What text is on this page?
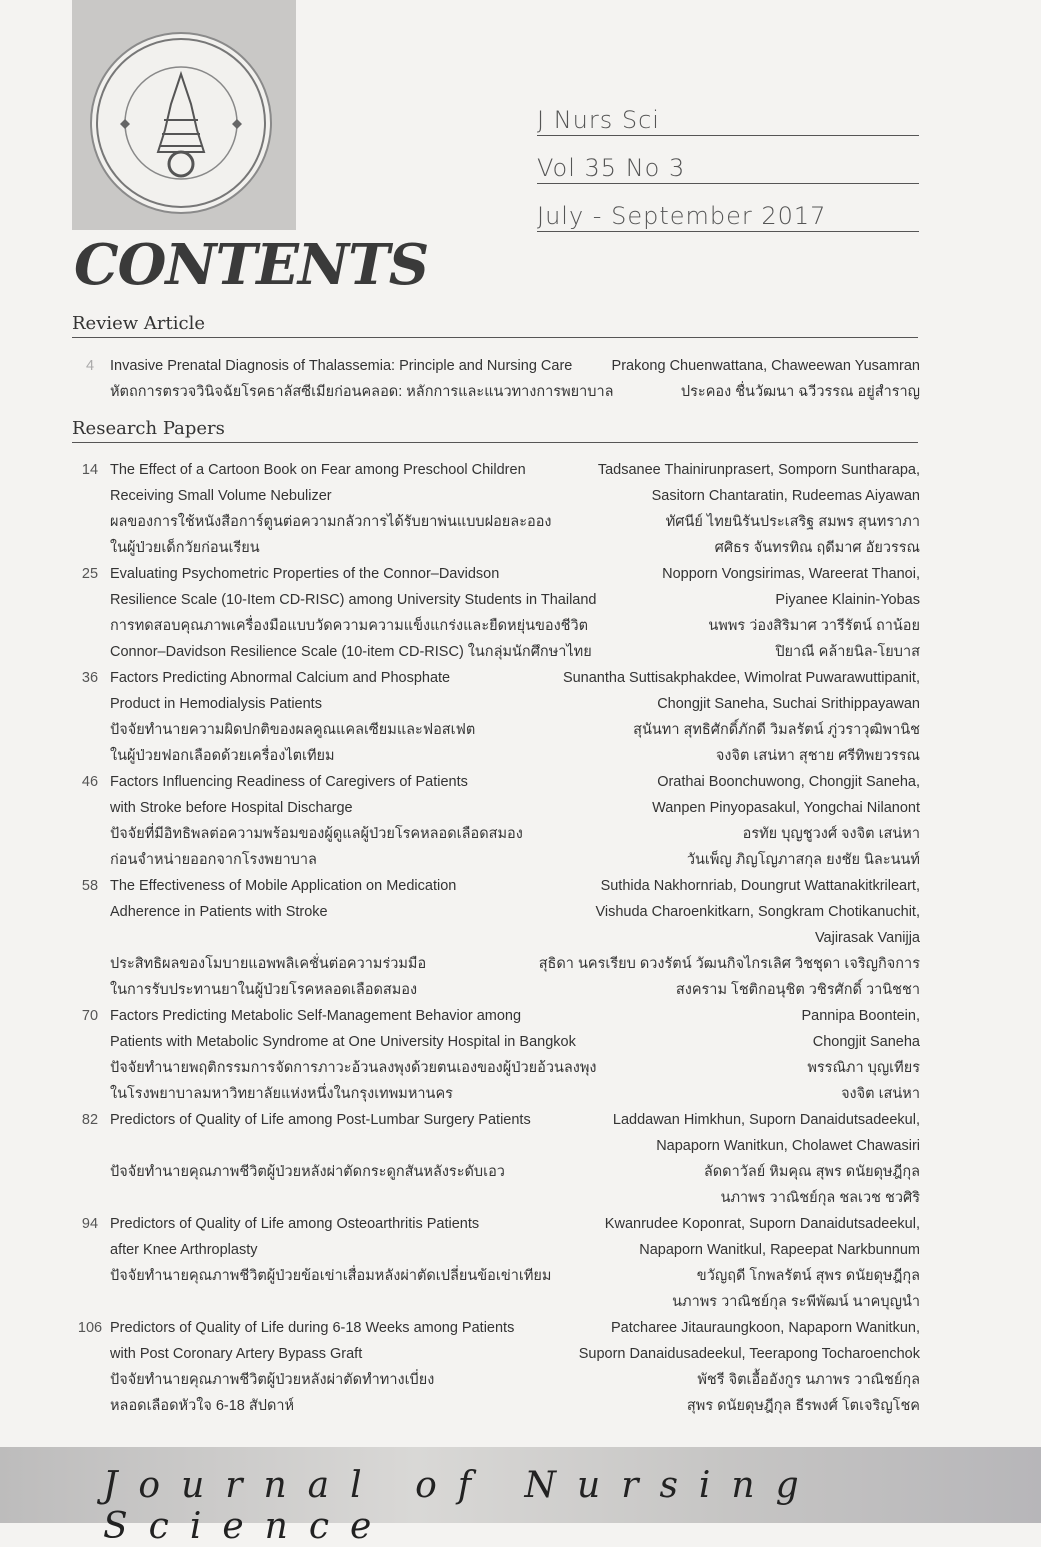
J Nurs Sci
Vol 35 No 3
July - September 2017
CONTENTS
Review Article
4	Invasive Prenatal Diagnosis of Thalassemia: Principle and Nursing Care	Prakong Chuenwattana, Chaweewan Yusamran
หัตถการตรวจวินิจฉัยโรคธาลัสซีเมียก่อนคลอด: หลักการและแนวทางการพยาบาล	ประคอง ชื่นวัฒนา ฉวีวรรณ อยู่สำราญ
Research Papers
14 The Effect of a Cartoon Book on Fear among Preschool Children	Tadsanee Thainirunprasert, Somporn Suntharapa,
Receiving Small Volume Nebulizer	Sasitorn Chantaratin, Rudeemas Aiyawan
ผลของการใช้หนังสือการ์ตูนต่อความกลัวการได้รับยาพ่นแบบฝอยละออง	ทัศนีย์ ไทยนิรันประเสริฐ สมพร สุนทราภา
ในผู้ป่วยเด็กวัยก่อนเรียน	ศศิธร จันทรทิณ ฤดีมาศ อัยวรรณ
25 Evaluating Psychometric Properties of the Connor–Davidson	Nopporn Vongsirimas, Wareerat Thanoi,
Resilience Scale (10-Item CD-RISC) among University Students in Thailand	Piyanee Klainin-Yobas
การทดสอบคุณภาพเครื่องมือแบบวัดความความแข็งแกร่งและยืดหยุ่นของชีวิต	นพพร ว่องสิริมาศ วารีรัตน์ ถาน้อย
Connor–Davidson Resilience Scale (10-item CD-RISC) ในกลุ่มนักศึกษาไทย	ปิยาณี คล้ายนิล-โยบาส
36 Factors Predicting Abnormal Calcium and Phosphate	Sunantha Suttisakphakdee, Wimolrat Puwarawuttipanit,
Product in Hemodialysis Patients	Chongjit Saneha, Suchai Srithippayawan
ปัจจัยทำนายความผิดปกติของผลคูณแคลเซียมและฟอสเฟต	สุนันทา สุทธิศักดิ์ภักดี วิมลรัตน์ ภู่วราวุฒิพานิช
ในผู้ป่วยฟอกเลือดด้วยเครื่องไตเทียม	จงจิต เสน่หา สุชาย ศรีทิพยวรรณ
46 Factors Influencing Readiness of Caregivers of Patients	Orathai Boonchuwong, Chongjit Saneha,
with Stroke before Hospital Discharge	Wanpen Pinyopasakul, Yongchai Nilanont
ปัจจัยที่มีอิทธิพลต่อความพร้อมของผู้ดูแลผู้ป่วยโรคหลอดเลือดสมอง	อรทัย บุญชูวงศ์ จงจิต เสน่หา
ก่อนจำหน่ายออกจากโรงพยาบาล	วันเพ็ญ ภิญโญภาสกุล ยงชัย นิละนนท์
58 The Effectiveness of Mobile Application on Medication	Suthida Nakhornriab, Doungrut Wattanakitkrileart,
Adherence in Patients with Stroke	Vishuda Charoenkitkarn, Songkram Chotikanuchit,
Vajirasak Vanijja
ประสิทธิผลของโมบายแอพพลิเคชั่นต่อความร่วมมือ	สุธิดา นครเรียบ ดวงรัตน์ วัฒนกิจไกรเลิศ วิชชุดา เจริญกิจการ
ในการรับประทานยาในผู้ป่วยโรคหลอดเลือดสมอง	สงคราม โชติกอนุชิต วชิรศักดิ์ วานิชชา
70 Factors Predicting Metabolic Self-Management Behavior among	Pannipa Boontein,
Patients with Metabolic Syndrome at One University Hospital in Bangkok	Chongjit Saneha
ปัจจัยทำนายพฤติกรรมการจัดการภาวะอ้วนลงพุงด้วยตนเองของผู้ป่วยอ้วนลงพุง	พรรณิภา บุญเทียร
ในโรงพยาบาลมหาวิทยาลัยแห่งหนึ่งในกรุงเทพมหานคร	จงจิต เสน่หา
82 Predictors of Quality of Life among Post-Lumbar Surgery Patients	Laddawan Himkhun, Suporn Danaidutsadeekul,
Napaporn Wanitkun, Cholawet Chawasiri
ปัจจัยทำนายคุณภาพชีวิตผู้ป่วยหลังผ่าตัดกระดูกสันหลังระดับเอว	ลัดดาวัลย์ หิมคุณ สุพร ดนัยดุษฎีกุล
นภาพร วาณิชย์กุล ชลเวช ชวศิริ
94 Predictors of Quality of Life among Osteoarthritis Patients	Kwanrudee Koponrat, Suporn Danaidutsadeekul,
after Knee Arthroplasty	Napaporn Wanitkul, Rapeepat Narkbunnum
ปัจจัยทำนายคุณภาพชีวิตผู้ป่วยข้อเข่าเสื่อมหลังผ่าตัดเปลี่ยนข้อเข่าเทียม	ขวัญฤดี โกพลรัตน์ สุพร ดนัยดุษฎีกุล
นภาพร วาณิชย์กุล ระพีพัฒน์ นาคบุญนำ
106 Predictors of Quality of Life during 6-18 Weeks among Patients	Patcharee Jitauraungkoon, Napaporn Wanitkun,
with Post Coronary Artery Bypass Graft	Suporn Danaidusadeekul, Teerapong Tocharoenchok
ปัจจัยทำนายคุณภาพชีวิตผู้ป่วยหลังผ่าตัดทำทางเบี่ยง	พัชรี จิตเอื้ออังกูร นภาพร วาณิชย์กุล
หลอดเลือดหัวใจ 6-18 สัปดาห์	สุพร ดนัยดุษฎีกุล ธีรพงศ์ โตเจริญโชค
Journal of Nursing Science
